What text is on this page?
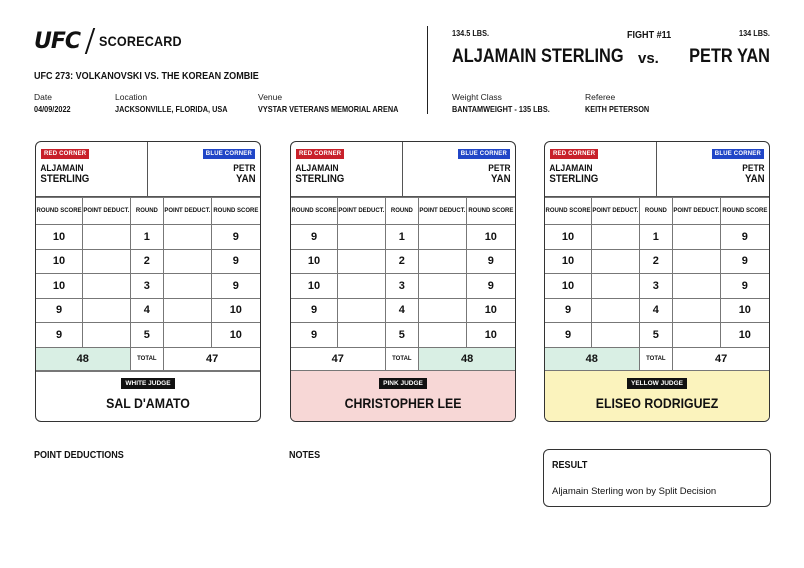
UFC SCORECARD
UFC 273: VOLKANOVSKI VS. THE KOREAN ZOMBIE
Date
04/09/2022
Location
JACKSONVILLE, FLORIDA, USA
Venue
VYSTAR VETERANS MEMORIAL ARENA
134.5 LBS.	FIGHT #11	134 LBS.
ALJAMAIN STERLING vs. PETR YAN
Weight Class
BANTAMWEIGHT - 135 LBS.
Referee
KEITH PETERSON
RED CORNER
ALJAMAIN
STERLING
BLUE CORNER
PETR
YAN
ROUND SCORE	POINT DEDUCT.	ROUND	POINT DEDUCT.	ROUND SCORE
10		1		9
10		2		9
10		3		9
9		4		10
9		5		10
48		TOTAL	47	
WHITE JUDGE
SAL D'AMATO
RED CORNER
ALJAMAIN
STERLING
BLUE CORNER
PETR
YAN
ROUND SCORE	POINT DEDUCT.	ROUND	POINT DEDUCT.	ROUND SCORE
9		1		10
10		2		9
10		3		9
9		4		10
9		5		10
47		TOTAL	48	
PINK JUDGE
CHRISTOPHER LEE
RED CORNER
ALJAMAIN
STERLING
BLUE CORNER
PETR
YAN
ROUND SCORE	POINT DEDUCT.	ROUND	POINT DEDUCT.	ROUND SCORE
10		1		9
10		2		9
10		3		9
9		4		10
9		5		10
48		TOTAL	47	
YELLOW JUDGE
ELISEO RODRIGUEZ
POINT DEDUCTIONS	NOTES
RESULT
Aljamain Sterling won by Split Decision
